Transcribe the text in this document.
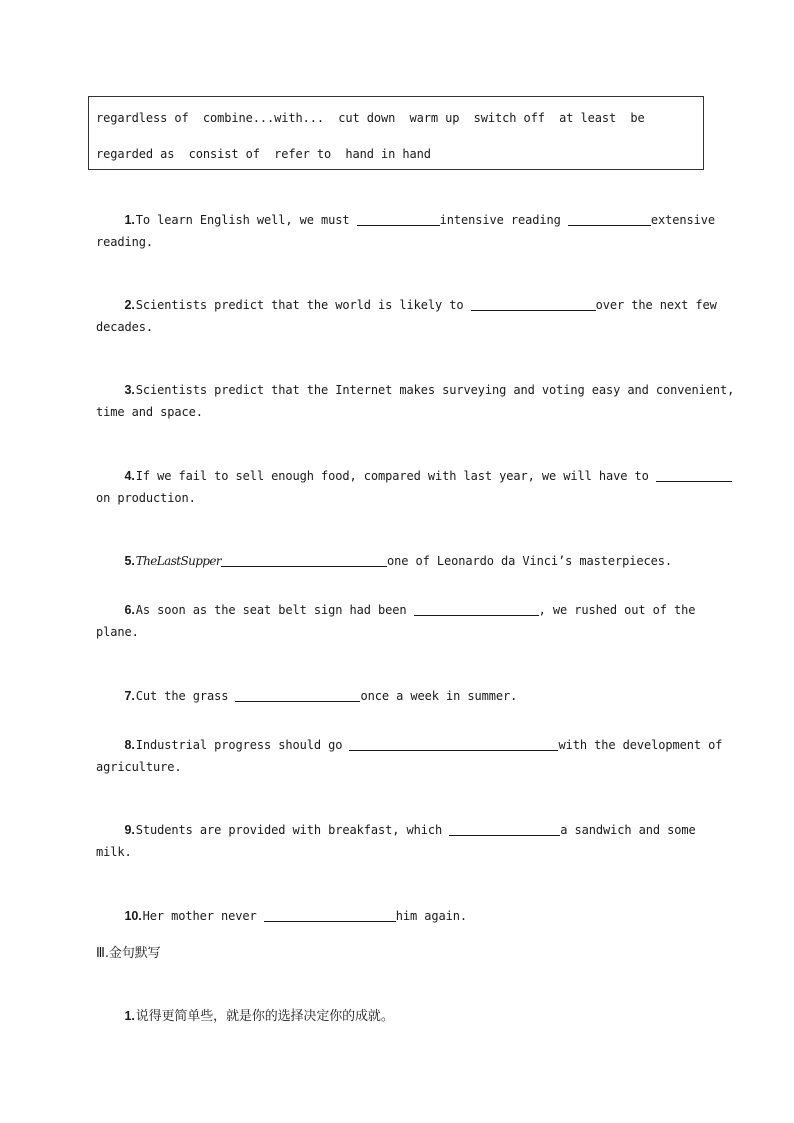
regardless of  combine...with...  cut down  warm up  switch off  at least  be
regarded as  consist of  refer to  hand in hand

1.To learn English well, we must	intensive reading	extensive

reading.

2.Scientists predict that the world is likely to	over the next few

decades.

3.Scientists predict that the Internet makes surveying and voting easy and convenient,

time and space.

4.If we fail to sell enough food, compared with last year, we will have to

on production.

5.TheLastSupper	one of Leonardo da Vinci’s masterpieces.

6.As soon as the seat belt sign had been	, we rushed out of the

plane.

7.Cut the grass	once a week in summer.

8.Industrial progress should go	with the development of

agriculture.

9.Students are provided with breakfast, which	a sandwich and some

milk.

10.Her mother never	him again.

Ⅲ.金句默写

1.说得更简单些，就是你的选择决定你的成就。
